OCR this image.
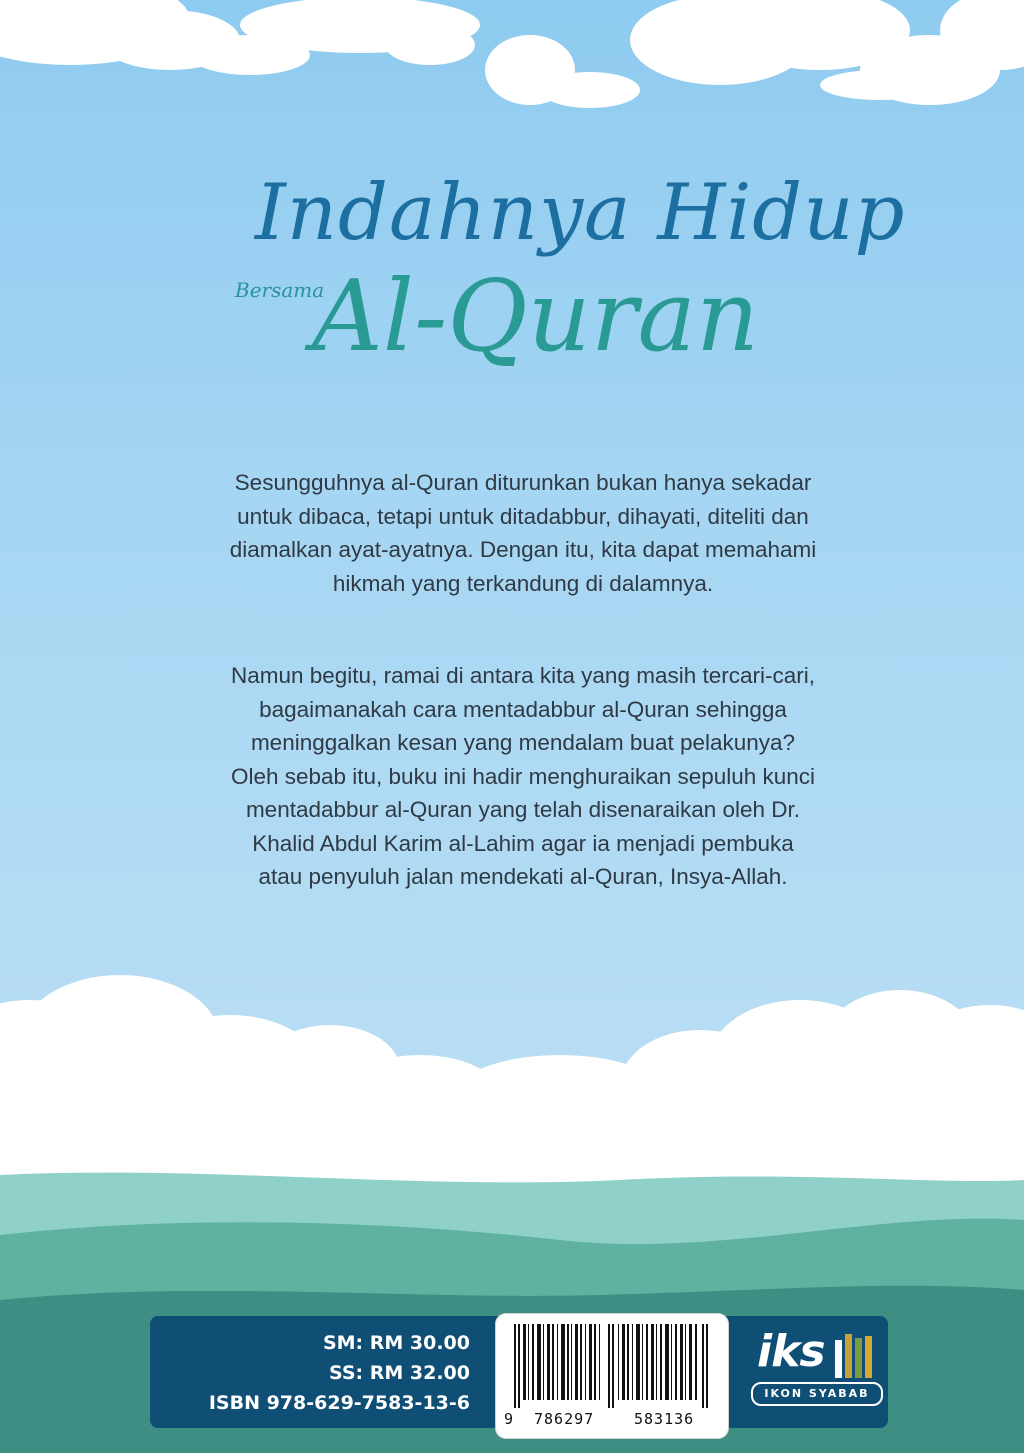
Indahnya Hidup
Bersama
Al-Quran

Sesungguhnya al-Quran diturunkan bukan hanya sekadar untuk dibaca, tetapi untuk ditadabbur, dihayati, diteliti dan diamalkan ayat-ayatnya. Dengan itu, kita dapat memahami hikmah yang terkandung di dalamnya.

Namun begitu, ramai di antara kita yang masih tercari-cari, bagaimanakah cara mentadabbur al-Quran sehingga meninggalkan kesan yang mendalam buat pelakunya? Oleh sebab itu, buku ini hadir menghuraikan sepuluh kunci mentadabbur al-Quran yang telah disenaraikan oleh Dr. Khalid Abdul Karim al-Lahim agar ia menjadi pembuka atau penyuluh jalan mendekati al-Quran, Insya-Allah.

SM: RM 30.00
SS: RM 32.00
ISBN 978-629-7583-13-6
9 786297	583136
iks
IKON SYABAB
